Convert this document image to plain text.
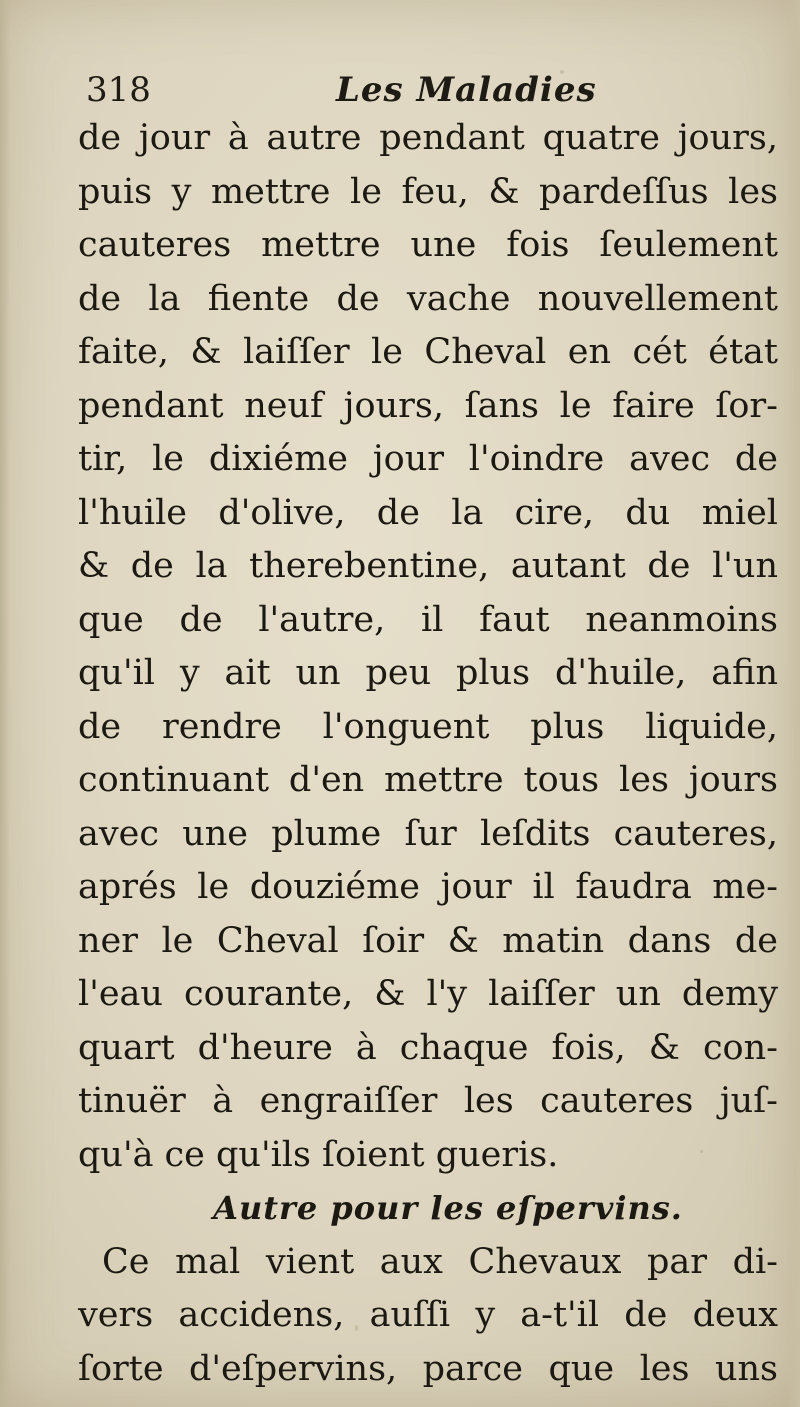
318	Les Maladies
de jour à autre pendant quatre jours,
puis y mettre le feu, & pardeſſus les
cauteres mettre une fois ſeulement
de la fiente de vache nouvellement
faite, & laiſſer le Cheval en cét état
pendant neuf jours, ſans le faire ſor-
tir, le dixiéme jour l'oindre avec de
l'huile d'olive, de la cire, du miel
& de la therebentine, autant de l'un
que de l'autre, il faut neanmoins
qu'il y ait un peu plus d'huile, afin
de rendre l'onguent plus liquide,
continuant d'en mettre tous les jours
avec une plume ſur leſdits cauteres,
aprés le douziéme jour il faudra me-
ner le Cheval ſoir & matin dans de
l'eau courante, & l'y laiſſer un demy
quart d'heure à chaque fois, & con-
tinuër à engraiſſer les cauteres juſ-
qu'à ce qu'ils ſoient gueris.
Autre pour les eſpervins.
Ce mal vient aux Chevaux par di-
vers accidens, auſſi y a-t'il de deux
ſorte d'eſpervins, parce que les uns
